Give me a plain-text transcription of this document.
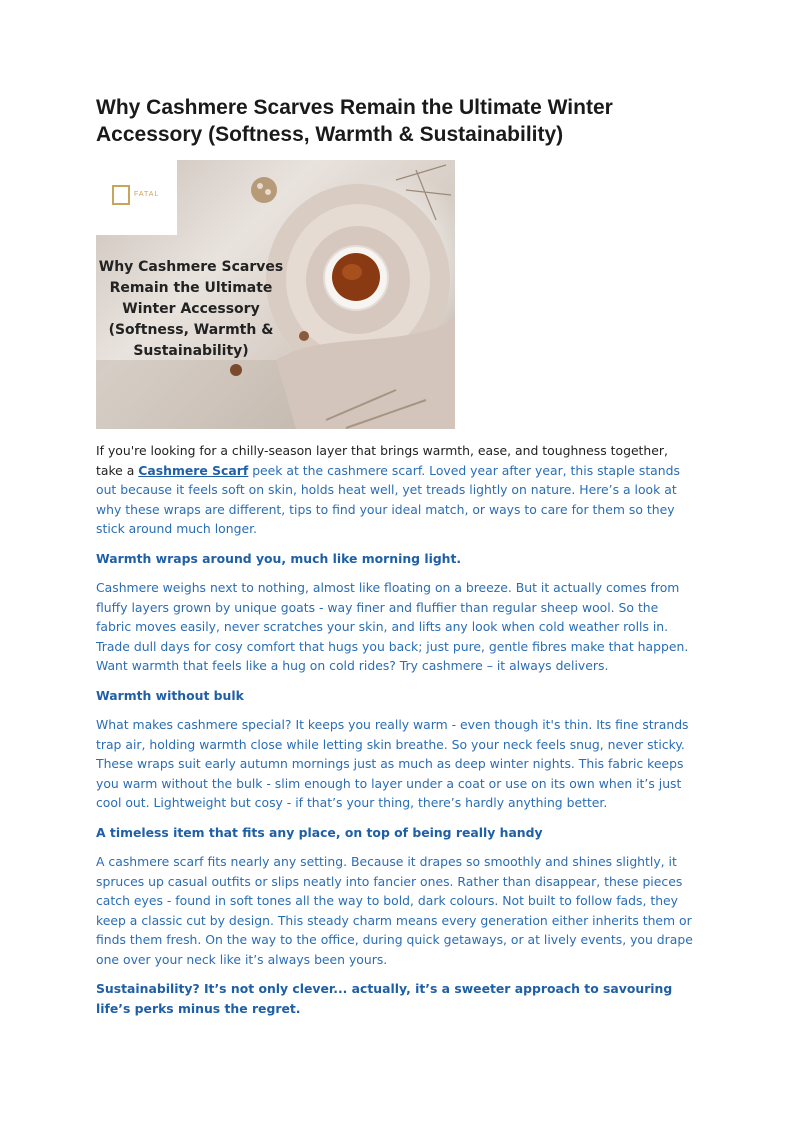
Why Cashmere Scarves Remain the Ultimate Winter Accessory (Softness, Warmth & Sustainability)
FATAL
Why Cashmere Scarves
Remain the Ultimate
Winter Accessory
(Softness, Warmth &
Sustainability)

If you're looking for a chilly-season layer that brings warmth, ease, and toughness together, take a Cashmere Scarf peek at the cashmere scarf. Loved year after year, this staple stands out because it feels soft on skin, holds heat well, yet treads lightly on nature. Here’s a look at why these wraps are different, tips to find your ideal match, or ways to care for them so they stick around much longer.

Warmth wraps around you, much like morning light.

Cashmere weighs next to nothing, almost like floating on a breeze. But it actually comes from fluffy layers grown by unique goats - way finer and fluffier than regular sheep wool. So the fabric moves easily, never scratches your skin, and lifts any look when cold weather rolls in. Trade dull days for cosy comfort that hugs you back; just pure, gentle fibres make that happen. Want warmth that feels like a hug on cold rides? Try cashmere – it always delivers.

Warmth without bulk

What makes cashmere special? It keeps you really warm - even though it's thin. Its fine strands trap air, holding warmth close while letting skin breathe. So your neck feels snug, never sticky. These wraps suit early autumn mornings just as much as deep winter nights. This fabric keeps you warm without the bulk - slim enough to layer under a coat or use on its own when it’s just cool out. Lightweight but cosy - if that’s your thing, there’s hardly anything better.

A timeless item that fits any place, on top of being really handy

A cashmere scarf fits nearly any setting. Because it drapes so smoothly and shines slightly, it spruces up casual outfits or slips neatly into fancier ones. Rather than disappear, these pieces catch eyes - found in soft tones all the way to bold, dark colours. Not built to follow fads, they keep a classic cut by design. This steady charm means every generation either inherits them or finds them fresh. On the way to the office, during quick getaways, or at lively events, you drape one over your neck like it’s always been yours.

Sustainability? It’s not only clever... actually, it’s a sweeter approach to savouring life’s perks minus the regret.
